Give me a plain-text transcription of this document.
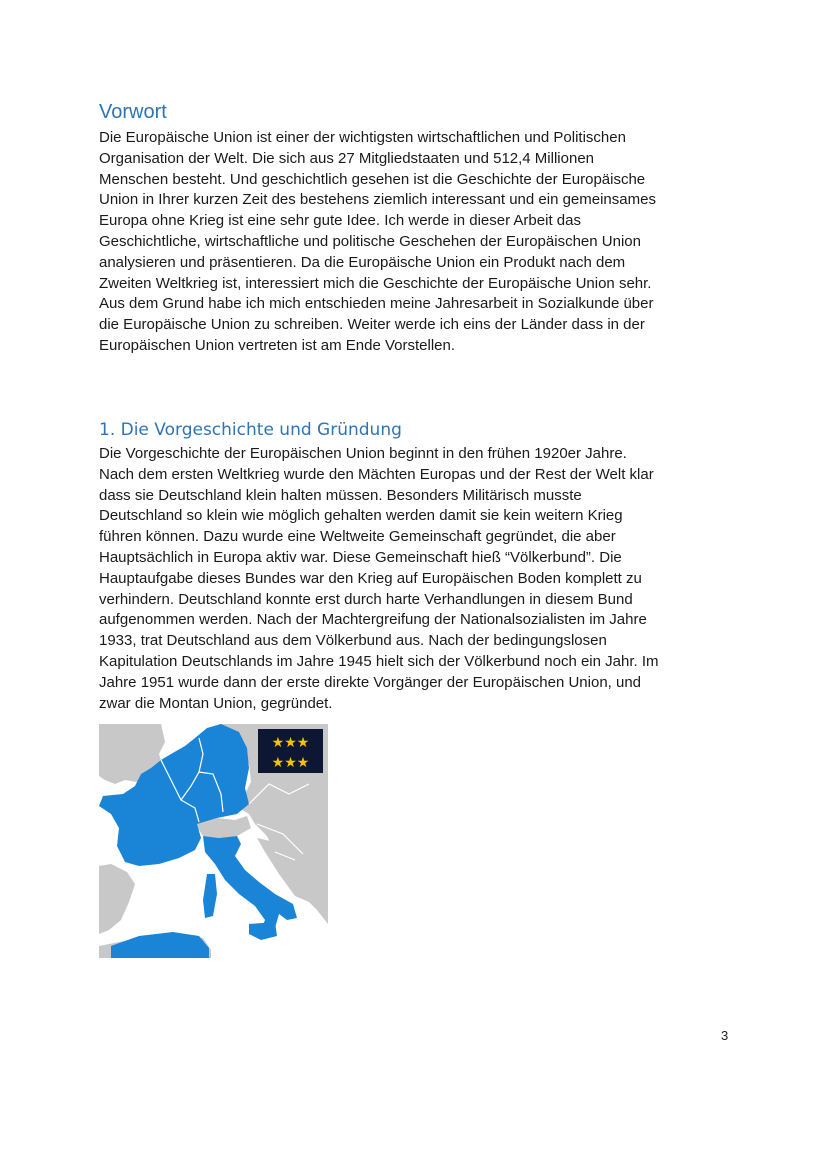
Vorwort

Die Europäische Union ist einer der wichtigsten wirtschaftlichen und Politischen
Organisation der Welt. Die sich aus 27 Mitgliedstaaten und 512,4 Millionen
Menschen besteht. Und geschichtlich gesehen ist die Geschichte der Europäische
Union in Ihrer kurzen Zeit des bestehens ziemlich interessant und ein gemeinsames
Europa ohne Krieg ist eine sehr gute Idee. Ich werde in dieser Arbeit das
Geschichtliche, wirtschaftliche und politische Geschehen der Europäischen Union
analysieren und präsentieren. Da die Europäische Union ein Produkt nach dem
Zweiten Weltkrieg ist, interessiert mich die Geschichte der Europäische Union sehr.
Aus dem Grund habe ich mich entschieden meine Jahresarbeit in Sozialkunde über
die Europäische Union zu schreiben. Weiter werde ich eins der Länder dass in der
Europäischen Union vertreten ist am Ende Vorstellen.

1. Die Vorgeschichte und Gründung

Die Vorgeschichte der Europäischen Union beginnt in den frühen 1920er Jahre.
Nach dem ersten Weltkrieg wurde den Mächten Europas und der Rest der Welt klar
dass sie Deutschland klein halten müssen. Besonders Militärisch musste
Deutschland so klein wie möglich gehalten werden damit sie kein weitern Krieg
führen können. Dazu wurde eine Weltweite Gemeinschaft gegründet, die aber
Hauptsächlich in Europa aktiv war. Diese Gemeinschaft hieß “Völkerbund”. Die
Hauptaufgabe dieses Bundes war den Krieg auf Europäischen Boden komplett zu
verhindern. Deutschland konnte erst durch harte Verhandlungen in diesem Bund
aufgenommen werden. Nach der Machtergreifung der Nationalsozialisten im Jahre
1933, trat Deutschland aus dem Völkerbund aus. Nach der bedingungslosen
Kapitulation Deutschlands im Jahre 1945 hielt sich der Völkerbund noch ein Jahr. Im
Jahre 1951 wurde dann der erste direkte Vorgänger der Europäischen Union, und
zwar die Montan Union, gegründet.

★★★
★★★
3
